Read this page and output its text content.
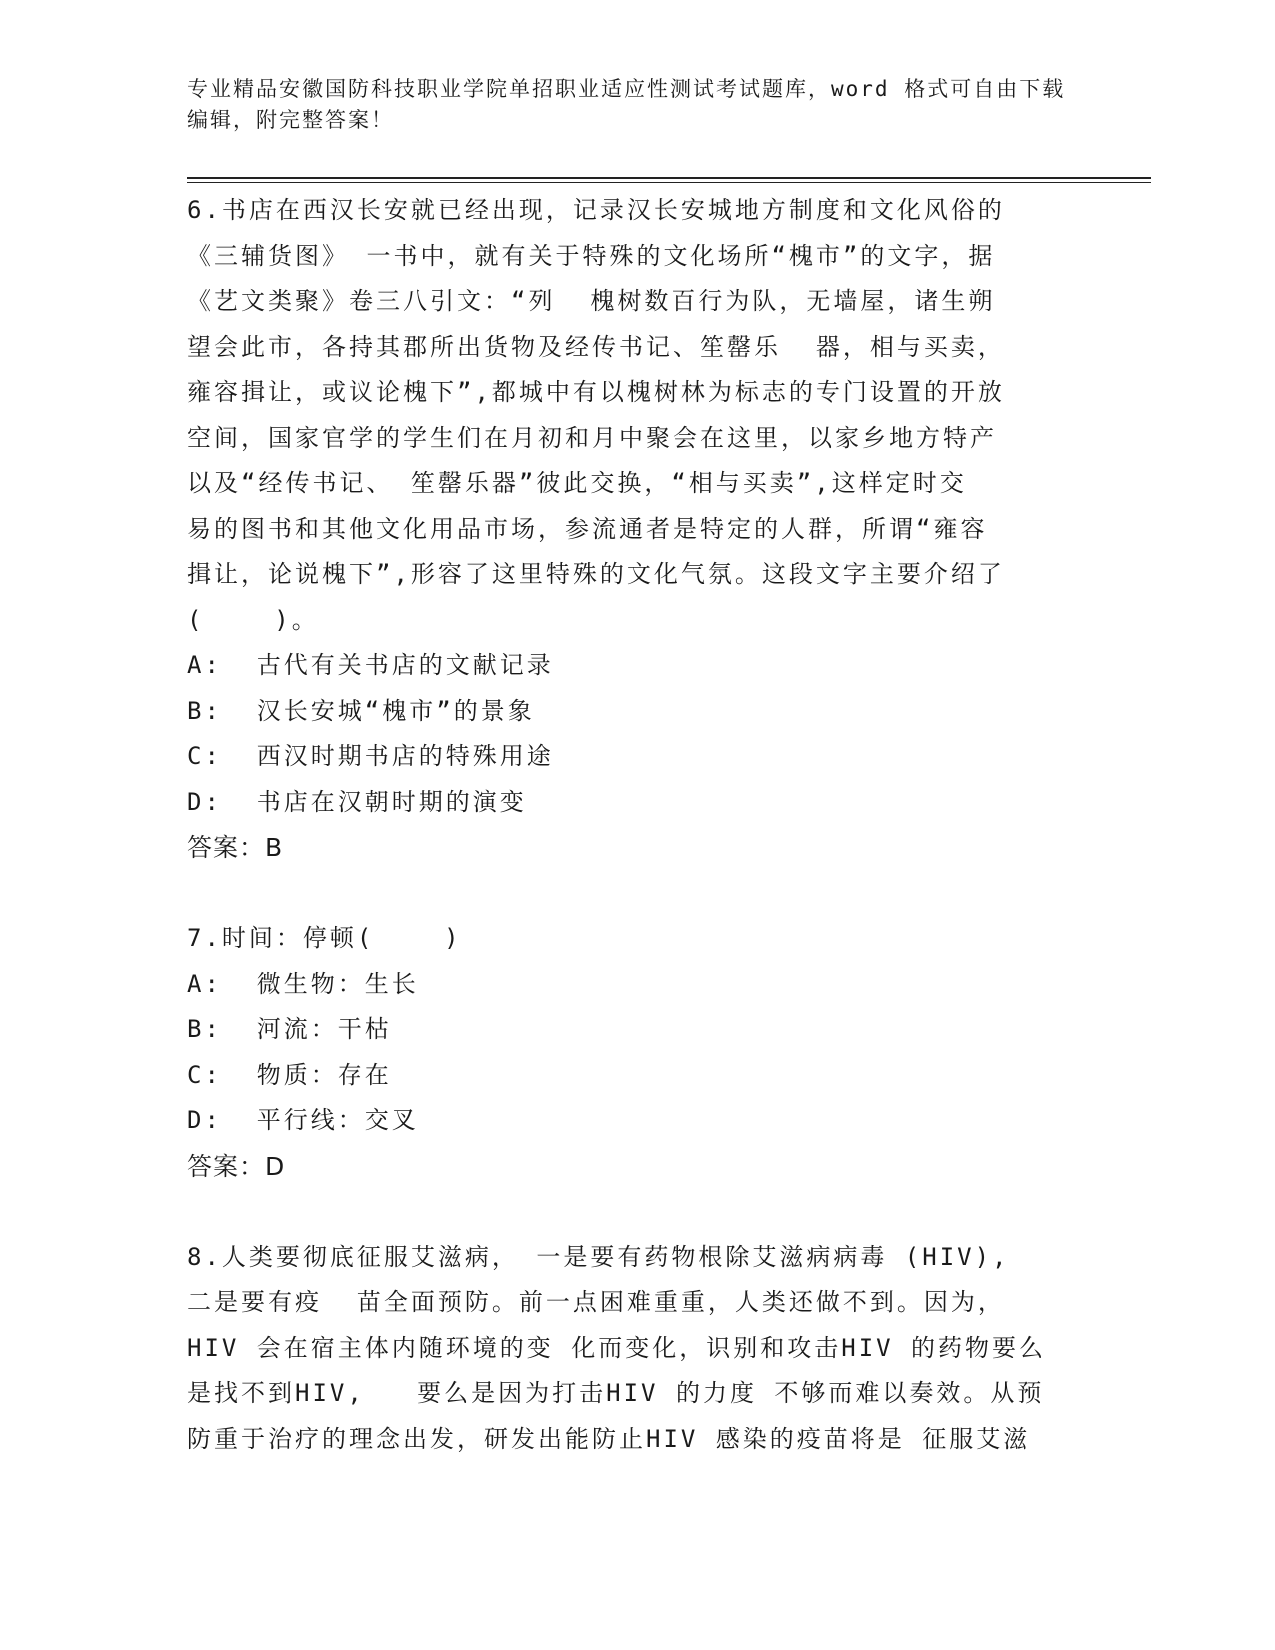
专业精品安徽国防科技职业学院单招职业适应性测试考试题库，word 格式可自由下载编辑，附完整答案！

6.书店在西汉长安就已经出现，记录汉长安城地方制度和文化风俗的

《三辅货图》 一书中，就有关于特殊的文化场所“槐市”的文字，据

《艺文类聚》卷三八引文：“列  槐树数百行为队，无墙屋，诸生朔

望会此市，各持其郡所出货物及经传书记、笙罄乐  器，相与买卖，

雍容揖让，或议论槐下”,都城中有以槐树林为标志的专门设置的开放

空间，国家官学的学生们在月初和月中聚会在这里，以家乡地方特产

以及“经传书记、 笙罄乐器”彼此交换，“相与买卖”,这样定时交

易的图书和其他文化用品市场，参流通者是特定的人群，所谓“雍容

揖让，论说槐下”,形容了这里特殊的文化气氛。这段文字主要介绍了

(    )。

A:  古代有关书店的文献记录

B:  汉长安城“槐市”的景象

C:  西汉时期书店的特殊用途

D:  书店在汉朝时期的演变

答案：B

7.时间：停顿(    )

A:  微生物：生长

B:  河流：干枯

C:  物质：存在

D:  平行线：交叉

答案：D

8.人类要彻底征服艾滋病， 一是要有药物根除艾滋病病毒 (HIV),

二是要有疫  苗全面预防。前一点困难重重，人类还做不到。因为，

HIV 会在宿主体内随环境的变 化而变化，识别和攻击HIV 的药物要么

是找不到HIV,   要么是因为打击HIV 的力度 不够而难以奏效。从预

防重于治疗的理念出发，研发出能防止HIV 感染的疫苗将是 征服艾滋
